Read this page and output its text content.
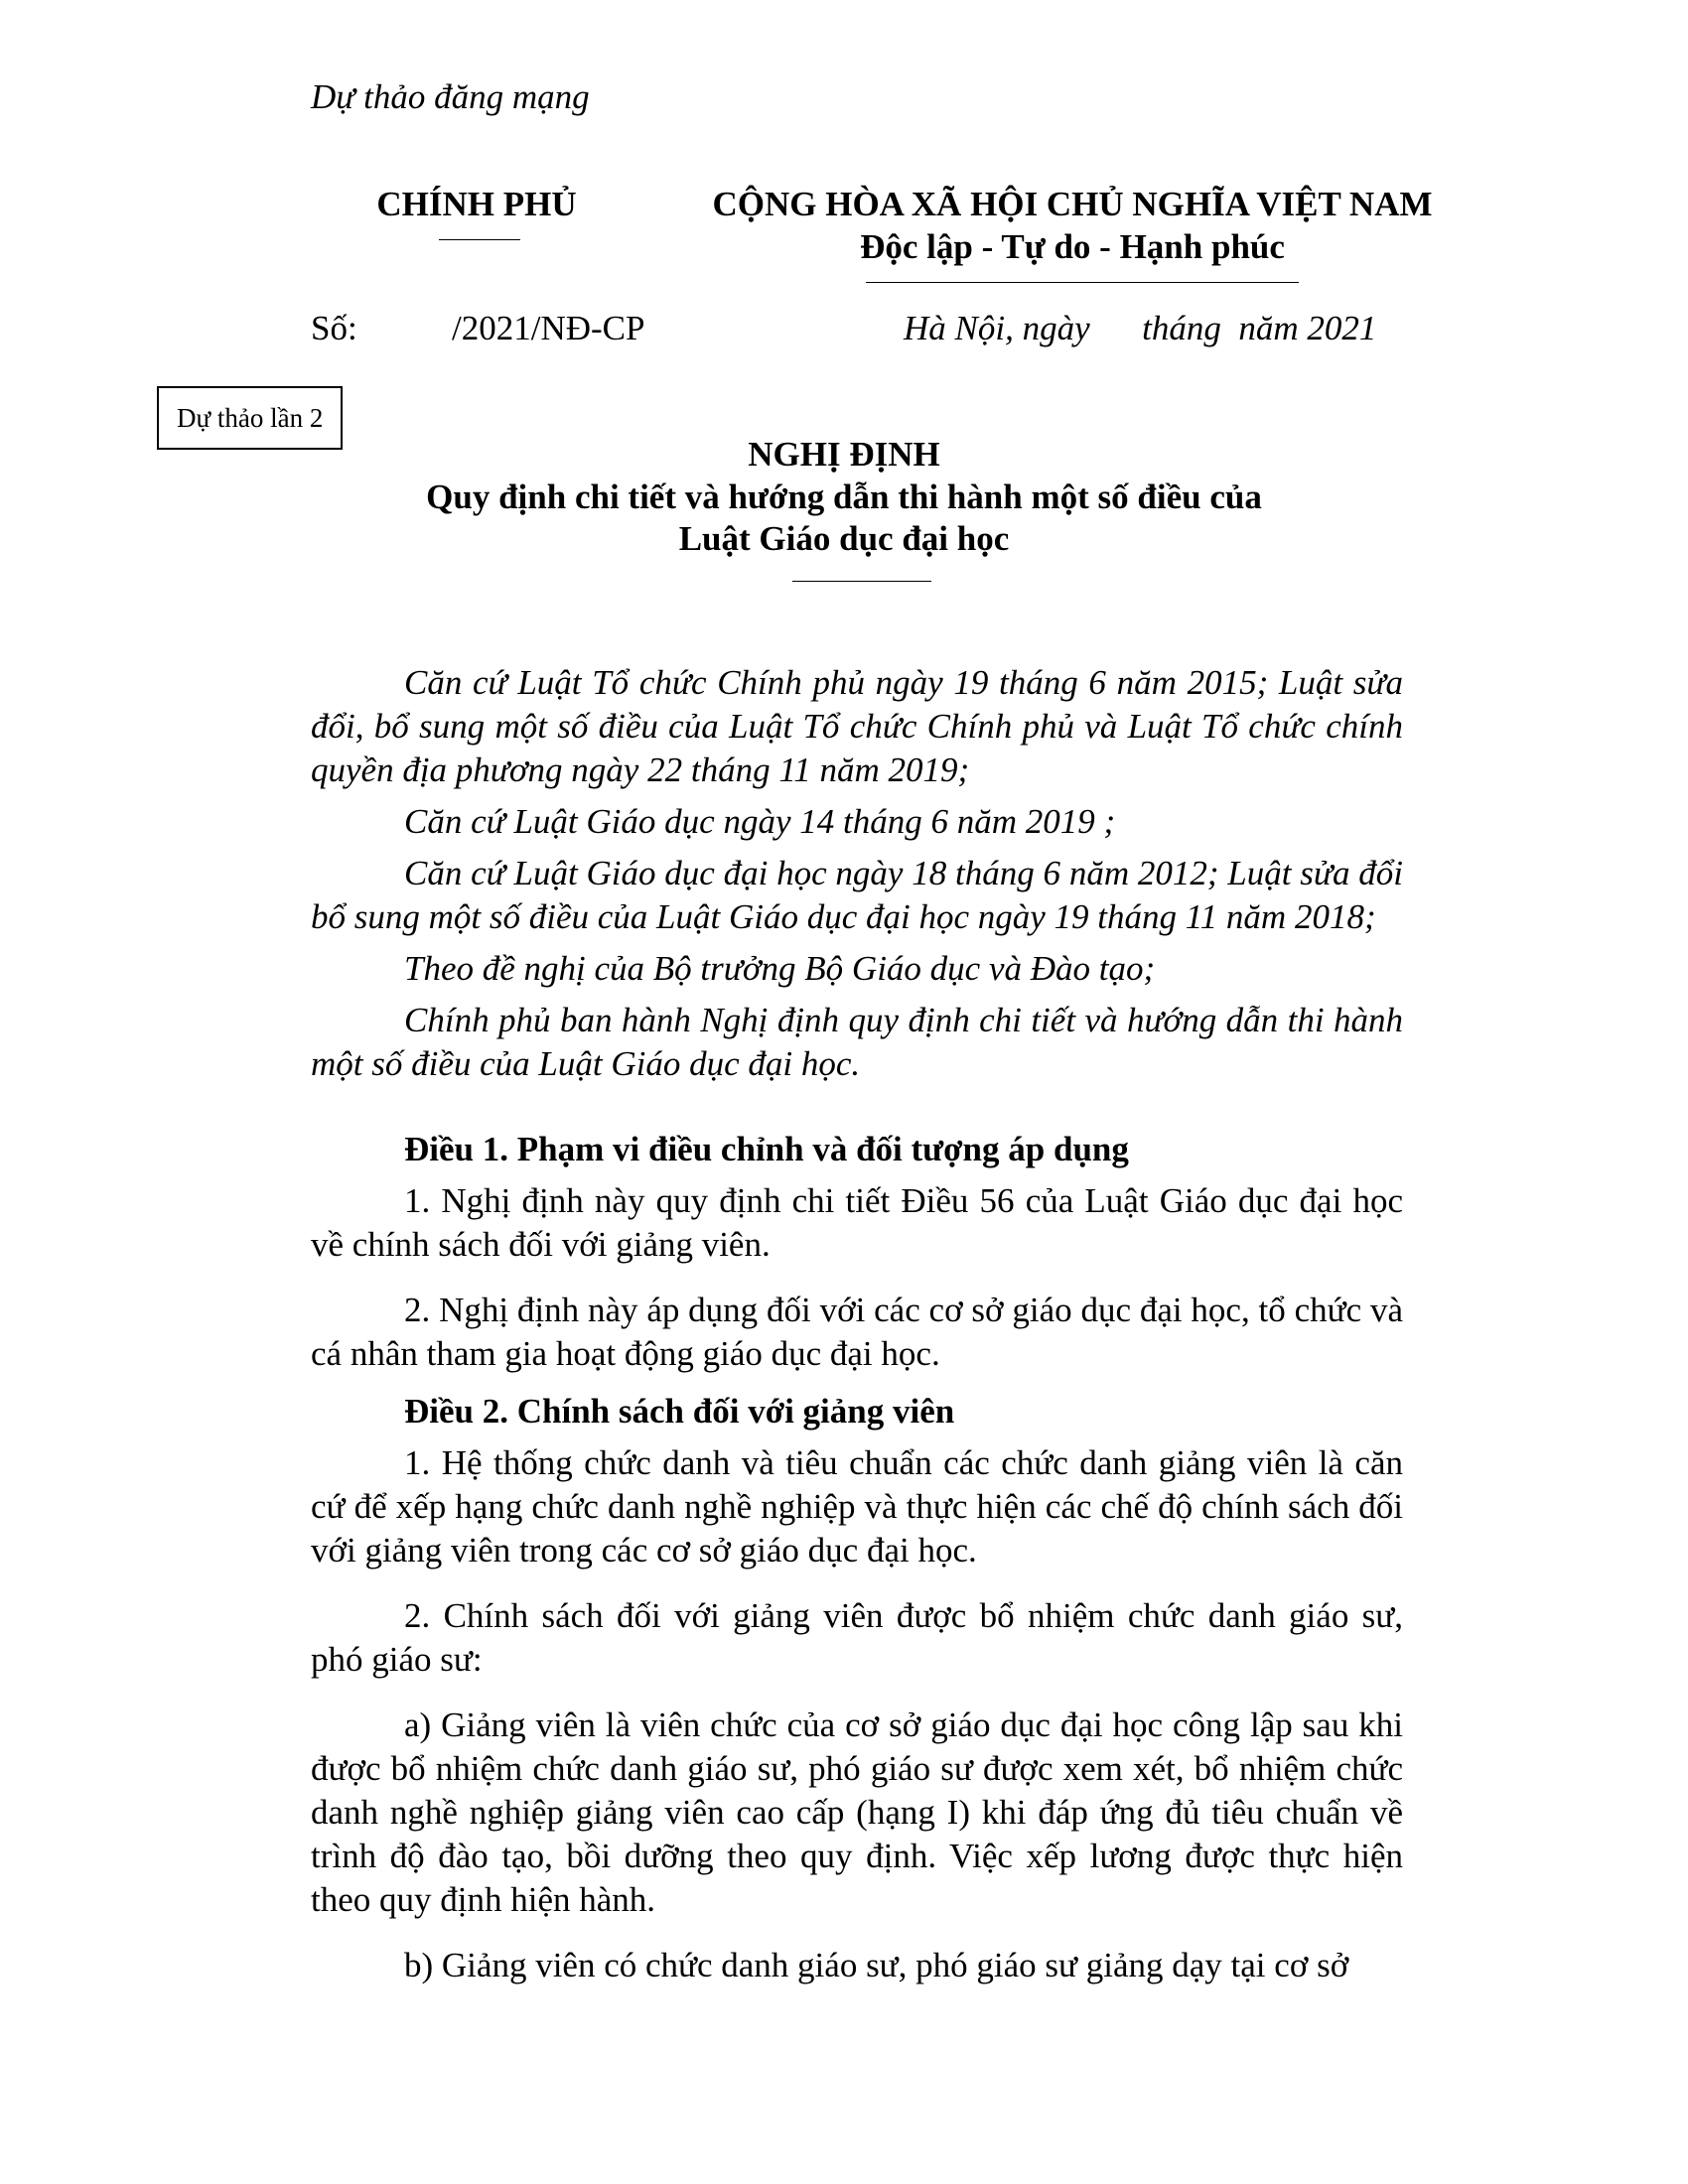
Dự thảo đăng mạng
CHÍNH PHỦ	CỘNG HÒA XÃ HỘI CHỦ NGHĨA VIỆT NAM
Độc lập - Tự do - Hạnh phúc
Số:	/2021/NĐ-CP	Hà Nội, ngày      tháng  năm 2021
Dự thảo lần 2
NGHỊ ĐỊNH
Quy định chi tiết và hướng dẫn thi hành một số điều của
Luật Giáo dục đại học

Căn cứ Luật Tổ chức Chính phủ ngày 19 tháng 6 năm 2015; Luật sửa đổi, bổ sung một số điều của Luật Tổ chức Chính phủ và Luật Tổ chức chính quyền địa phương ngày 22 tháng 11 năm 2019;

Căn cứ Luật Giáo dục ngày 14 tháng 6 năm 2019 ;

Căn cứ Luật Giáo dục đại học ngày 18 tháng 6 năm 2012; Luật sửa đổi bổ sung một số điều của Luật Giáo dục đại học ngày 19 tháng 11 năm 2018;

Theo đề nghị của Bộ trưởng Bộ Giáo dục và Đào tạo;

Chính phủ ban hành Nghị định quy định chi tiết và hướng dẫn thi hành một số điều của Luật Giáo dục đại học.

Điều 1. Phạm vi điều chỉnh và đối tượng áp dụng

1. Nghị định này quy định chi tiết Điều 56 của Luật Giáo dục đại học về chính sách đối với giảng viên.

2. Nghị định này áp dụng đối với các cơ sở giáo dục đại học, tổ chức và cá nhân tham gia hoạt động giáo dục đại học.

Điều 2. Chính sách đối với giảng viên

1. Hệ thống chức danh và tiêu chuẩn các chức danh giảng viên là căn cứ để xếp hạng chức danh nghề nghiệp và thực hiện các chế độ chính sách đối với giảng viên trong các cơ sở giáo dục đại học.

2. Chính sách đối với giảng viên được bổ nhiệm chức danh giáo sư, phó giáo sư:

a) Giảng viên là viên chức của cơ sở giáo dục đại học công lập sau khi được bổ nhiệm chức danh giáo sư, phó giáo sư được xem xét, bổ nhiệm chức danh nghề nghiệp giảng viên cao cấp (hạng I) khi đáp ứng đủ tiêu chuẩn về trình độ đào tạo, bồi dưỡng theo quy định. Việc xếp lương được thực hiện theo quy định hiện hành.

b) Giảng viên có chức danh giáo sư, phó giáo sư giảng dạy tại cơ sở
